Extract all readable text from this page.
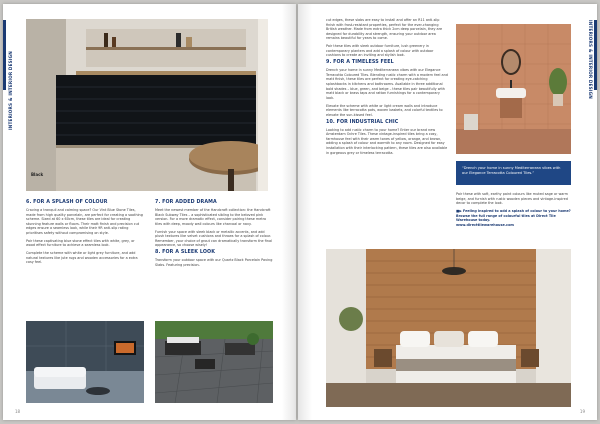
INTERIORS & INTERIOR DESIGN
Black
6. FOR A SPLASH OF COLOUR

Craving a tranquil and calming space? Our Vint Blue Stone Tiles, made from high quality porcelain, are perfect for creating a soothing scheme. Sized at 60 x 60cm, these tiles are ideal for creating stunning feature walls or floors. Their matt finish and precision cut edges ensure a seamless look, while their 9R anti-slip rating prioritises safety without compromising on style.

Pair these captivating blue stone effect tiles with white, grey, or wood effect furniture to achieve a seamless look.

Complete the scheme with white or light grey furniture, and add natural textures like jute rugs and wooden accessories for a extra cosy feel.

7. FOR ADDED DRAMA

Meet the newest member of the Handcraft collection: the Handcraft Black Subway Tiles – a sophisticated sibling to the beloved pink version. For a more dramatic effect, consider pairing these metro tiles with deep, moody wall colours like charcoal or navy.

Furnish your space with sleek black or metallic accents, and add plush textures like velvet cushions and throws for a splash of colour. Remember, your choice of grout can dramatically transform the final appearance, so choose wisely!

8. FOR A SLEEK LOOK

Transform your outdoor space with our Quartz Black Porcelain Paving Slabs. Featuring precision-

18
INTERIORS & INTERIOR DESIGN

cut edges, these slabs are easy to install and offer an R11 anti-slip finish with frost-resistant properties, perfect for the ever-changing British weather. Made from extra thick 2cm deep porcelain, they are designed for durability and strength, ensuring your outdoor area remains beautiful for years to come.

Pair these tiles with sleek outdoor furniture, lush greenery in contemporary planters and add a splash of colour with outdoor cushions to create an inviting and stylish look.

9. FOR A TIMELESS FEEL

Drench your home in sunny Mediterranean vibes with our Elegance Terracotta Coloured Tiles. Blending rustic charm with a modern feel and matt finish, these tiles are perfect for creating eye-catching splashbacks in kitchens and bathrooms. Available in three additional bold shades – blue, green, and beige – these tiles pair beautifully with matt black or brass taps and rattan furnishings for a contemporary look.

Elevate the scheme with white or light cream walls and introduce elements like terracotta pots, woven baskets, and colorful textiles to elevate the sun-kissed feel.

10. FOR INDUSTRIAL CHIC

Looking to add rustic charm to your home? Enter our brand new Amsterdam Ochre Tiles. These vintage-inspired tiles bring a cosy, farmhouse feel with their warm tones of yellow, orange, and brown, adding a splash of colour and warmth to any room. Designed for easy installation with their interlocking pattern, these tiles are also available in gorgeous grey or timeless terracotta.

“Drench your home in sunny Mediterranean vibes with our Elegance Terracotta Coloured Tiles.”

Pair these with soft, earthy paint colours like muted sage or warm beige, and furnish with rustic wooden pieces and vintage-inspired decor to complete the look.

■▶ Feeling inspired to add a splash of colour to your home? Browse the full range of colourful tiles at Direct Tile Warehouse today.
www.directtilewarehouse.com

19
